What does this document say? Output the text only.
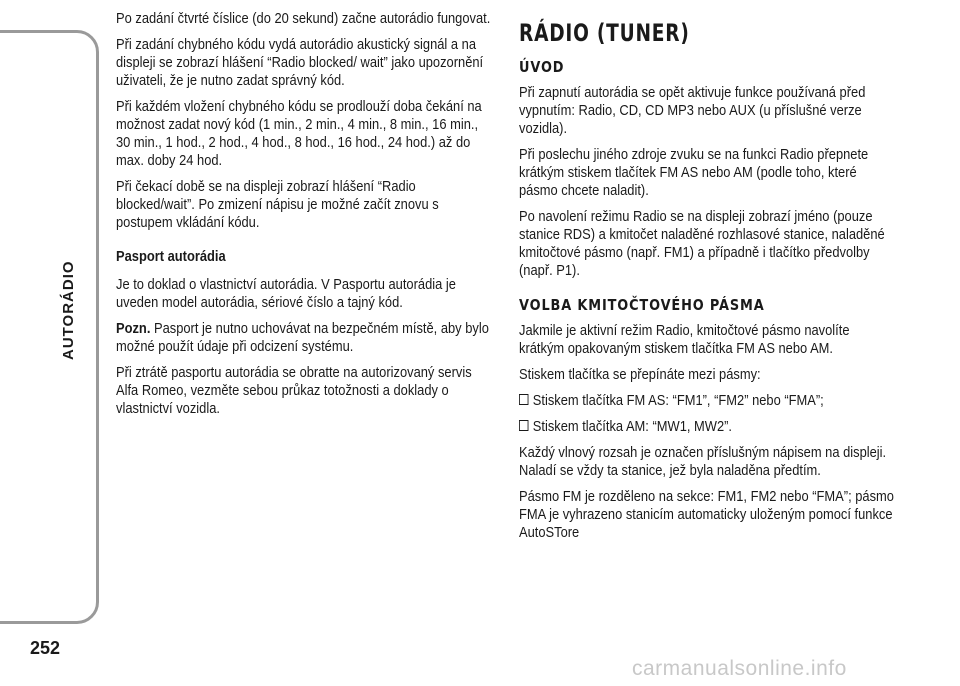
AUTORÁDIO
252

Po zadání čtvrté číslice (do 20 sekund) začne autorádio fungovat.

Při zadání chybného kódu vydá autorádio akustický signál a na displeji se zobrazí hlášení “Radio blocked/ wait” jako upozornění uživateli, že je nutno zadat správný kód.

Při každém vložení chybného kódu se prodlouží doba čekání na možnost zadat nový kód (1 min., 2 min., 4 min., 8 min., 16 min., 30 min., 1 hod., 2 hod., 4 hod., 8 hod., 16 hod., 24 hod.) až do max. doby 24 hod.

Při čekací době se na displeji zobrazí hlášení “Radio blocked/wait”. Po zmizení nápisu je možné začít znovu s postupem vkládání kódu.

Pasport autorádia

Je to doklad o vlastnictví autorádia. V Pasportu autorádia je uveden model autorádia, sériové číslo a tajný kód.

Pozn. Pasport je nutno uchovávat na bezpečném místě, aby bylo možné použít údaje při odcizení systému.

Při ztrátě pasportu autorádia se obratte na autorizovaný servis Alfa Romeo, vezměte sebou průkaz totožnosti a doklady o vlastnictví vozidla.

RÁDIO (TUNER)
ÚVOD

Při zapnutí autorádia se opět aktivuje funkce používaná před vypnutím: Radio, CD, CD MP3 nebo AUX (u příslušné verze vozidla).

Při poslechu jiného zdroje zvuku se na funkci Radio přepnete krátkým stiskem tlačítek FM AS nebo AM (podle toho, které pásmo chcete naladit).

Po navolení režimu Radio se na displeji zobrazí jméno (pouze stanice RDS) a kmitočet naladěné rozhlasové stanice, naladěné kmitočtové pásmo (např. FM1) a případně i tlačítko předvolby (např. P1).

VOLBA KMITOČTOVÉHO PÁSMA

Jakmile je aktivní režim Radio, kmitočtové pásmo navolíte krátkým opakovaným stiskem tlačítka FM AS nebo AM.

Stiskem tlačítka se přepínáte mezi pásmy:

Stiskem tlačítka FM AS: “FM1”, “FM2” nebo “FMA”;

Stiskem tlačítka AM: “MW1, MW2”.

Každý vlnový rozsah je označen příslušným nápisem na displeji. Naladí se vždy ta stanice, jež byla naladěna předtím.

Pásmo FM je rozděleno na sekce: FM1, FM2 nebo “FMA”; pásmo FMA je vyhrazeno stanicím automaticky uloženým pomocí funkce AutoSTore

carmanualsonline.info
